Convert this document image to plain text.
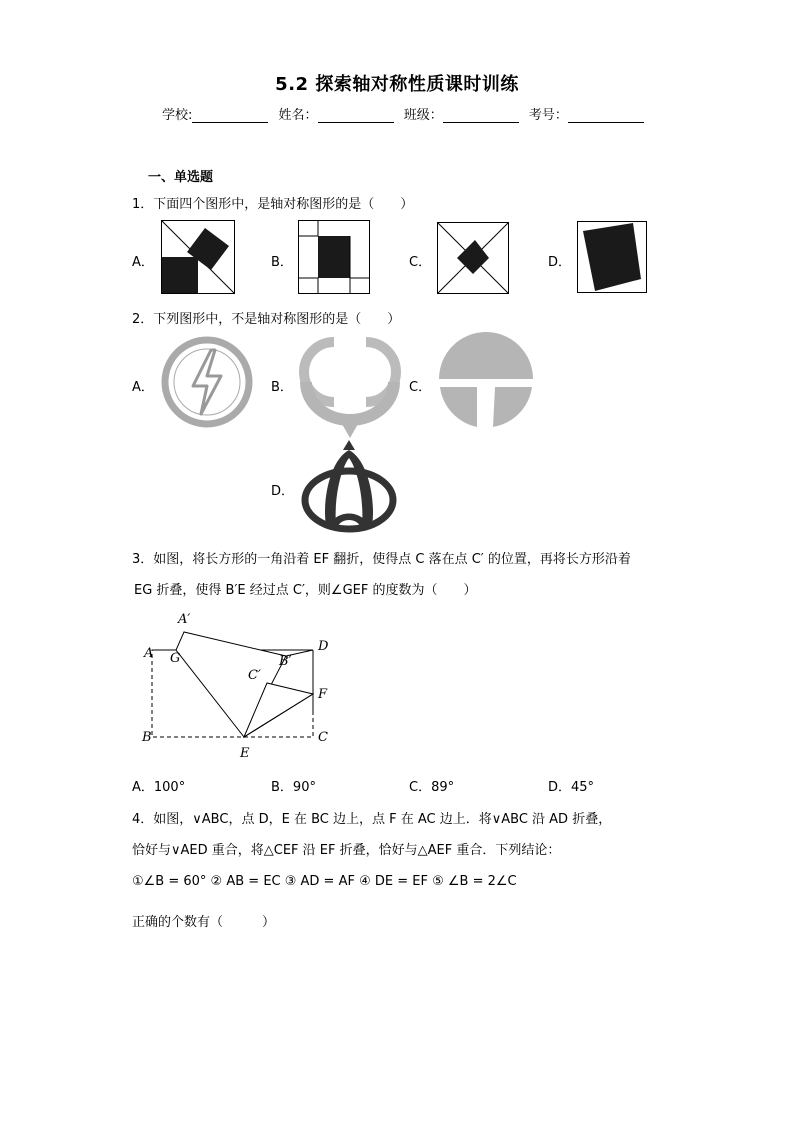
5.2 探索轴对称性质课时训练
学校:	姓名：	班级：	考号：
一、单选题
1．下面四个图形中，是轴对称图形的是（　　）
A．	B．	C．	D．
2．下列图形中，不是轴对称图形的是（　　）
A．	B．	C．
D．
3．如图，将长方形的一角沿着 EF 翻折，使得点 C 落在点 C′ 的位置，再将长方形沿着
EG 折叠，使得 B′E 经过点 C′，则∠GEF 的度数为（　　）
A′
A G	B′
D
C′
F
B
E
C
A．100°	B．90°	C．89°	D．45°
4．如图，∨ABC，点 D，E 在 BC 边上，点 F 在 AC 边上．将∨ABC 沿 AD 折叠，
恰好与∨AED 重合，将△CEF 沿 EF 折叠，恰好与△AEF 重合．下列结论：
①∠B = 60° ② AB = EC ③ AD = AF ④ DE = EF ⑤ ∠B = 2∠C
正确的个数有（　　　）
